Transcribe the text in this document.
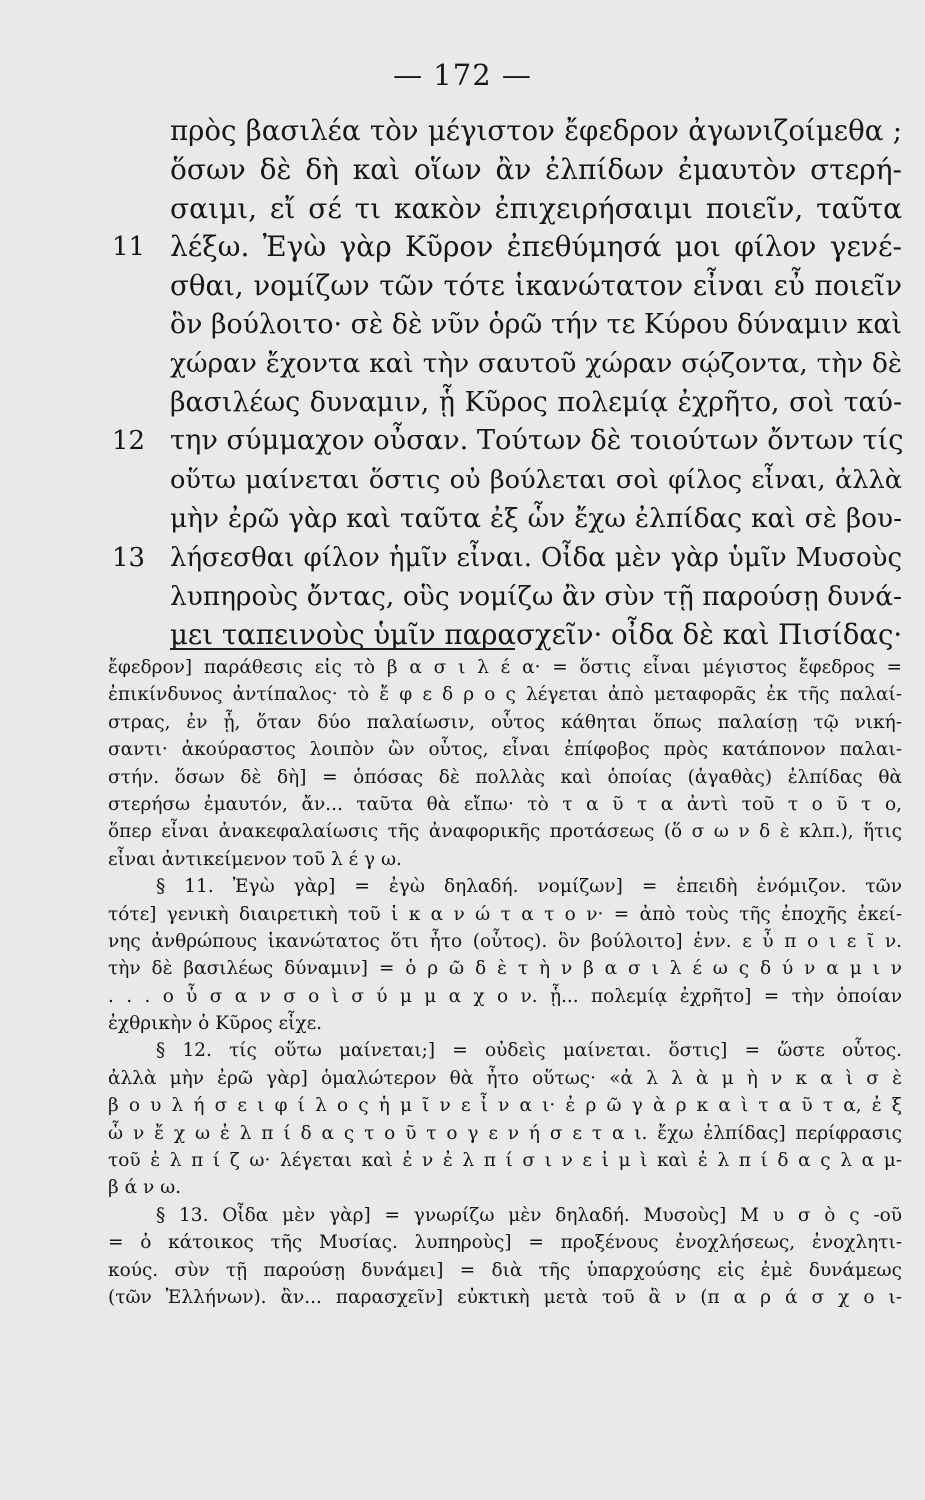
— 172 —
πρὸς βασιλέα τὸν μέγιστον ἔφεδρον ἀγωνιζοίμεθα ;
ὅσων δὲ δὴ καὶ οἵων ἂν ἐλπίδων ἐμαυτὸν στερή-
σαιμι, εἴ σέ τι κακὸν ἐπιχειρήσαιμι ποιεῖν, ταῦτα
11 λέξω. Ἐγὼ γὰρ Κῦρον ἐπεθύμησά μοι φίλον γενέ-
σθαι, νομίζων τῶν τότε ἱκανώτατον εἶναι εὖ ποιεῖν
ὃν βούλοιτο· σὲ δὲ νῦν ὁρῶ τήν τε Κύρου δύναμιν καὶ
χώραν ἔχοντα καὶ τὴν σαυτοῦ χώραν σῴζοντα, τὴν δὲ
βασιλέως δυναμιν, ᾗ Κῦρος πολεμίᾳ ἐχρῆτο, σοὶ ταύ-
12 την σύμμαχον οὖσαν. Τούτων δὲ τοιούτων ὄντων τίς
οὕτω μαίνεται ὅστις οὐ βούλεται σοὶ φίλος εἶναι, ἀλλὰ
μὴν ἐρῶ γὰρ καὶ ταῦτα ἐξ ὧν ἔχω ἐλπίδας καὶ σὲ βου-
13 λήσεσθαι φίλον ἡμῖν εἶναι. Οἶδα μὲν γὰρ ὑμῖν Μυσοὺς
λυπηροὺς ὄντας, οὓς νομίζω ἂν σὺν τῇ παρούσῃ δυνά-
μει ταπεινοὺς ὑμῖν παρασχεῖν· οἶδα δὲ καὶ Πισίδας·
ἔφεδρον] παράθεσις εἰς τὸ β α σ ι λ έ α· = ὅστις εἶναι μέγιστος ἔφεδρος =
ἐπικίνδυνος ἀντίπαλος· τὸ ἔ φ ε δ ρ ο ς λέγεται ἀπὸ μεταφορᾶς ἐκ τῆς παλαί-
στρας, ἐν ᾗ, ὅταν δύο παλαίωσιν, οὗτος κάθηται ὅπως παλαίσῃ τῷ νική-
σαντι· ἀκούραστος λοιπὸν ὢν οὗτος, εἶναι ἐπίφοβος πρὸς κατάπονον παλαι-
στήν. ὅσων δὲ δὴ] = ὁπόσας δὲ πολλὰς καὶ ὁποίας (ἀγαθὰς) ἐλπίδας θὰ
στερήσω ἐμαυτόν, ἄν... ταῦτα θὰ εἴπω· τὸ τ α ῦ τ α ἀντὶ τοῦ τ ο ῦ τ ο,
ὅπερ εἶναι ἀνακεφαλαίωσις τῆς ἀναφορικῆς προτάσεως (ὅ σ ω ν δ ὲ κλπ.), ἥτις
εἶναι ἀντικείμενον τοῦ λ έ γ ω.
§ 11. Ἐγὼ γὰρ] = ἐγὼ δηλαδή. νομίζων] = ἐπειδὴ ἐνόμιζον. τῶν
τότε] γενικὴ διαιρετικὴ τοῦ ἱ κ α ν ώ τ α τ ο ν· = ἀπὸ τοὺς τῆς ἐποχῆς ἐκεί-
νης ἀνθρώπους ἱκανώτατος ὅτι ἦτο (οὗτος). ὃν βούλοιτο] ἐνν. ε ὖ π ο ι ε ῖ ν.
τὴν δὲ βασιλέως δύναμιν] = ὁ ρ ῶ δ ὲ τ ὴ ν β α σ ι λ έ ω ς δ ύ ν α μ ι ν
. . . ο ὖ σ α ν σ ο ὶ σ ύ μ μ α χ ο ν. ᾗ... πολεμίᾳ ἐχρῆτο] = τὴν ὁποίαν
ἐχθρικὴν ὁ Κῦρος εἶχε.
§ 12. τίς οὕτω μαίνεται;] = οὐδεὶς μαίνεται. ὅστις] = ὥστε οὗτος.
ἀλλὰ μὴν ἐρῶ γὰρ] ὁμαλώτερον θὰ ἦτο οὕτως· «ἀ λ λ ὰ μ ὴ ν κ α ὶ σ ὲ
β ο υ λ ή σ ε ι φ ί λ ο ς ἡ μ ῖ ν ε ἶ ν α ι· ἐ ρ ῶ γ ὰ ρ κ α ὶ τ α ῦ τ α, ἐ ξ
ὧ ν ἔ χ ω ἐ λ π ί δ α ς τ ο ῦ τ ο γ ε ν ή σ ε τ α ι. ἔχω ἐλπίδας] περίφρασις
τοῦ ἐ λ π ί ζ ω· λέγεται καὶ ἐ ν ἐ λ π ί σ ι ν ε ἰ μ ὶ καὶ ἐ λ π ί δ α ς λ α μ-
β ά ν ω.
§ 13. Οἶδα μὲν γὰρ] = γνωρίζω μὲν δηλαδή. Μυσοὺς] Μ υ σ ὸ ς -οῦ
= ὁ κάτοικος τῆς Μυσίας. λυπηροὺς] = προξένους ἐνοχλήσεως, ἐνοχλητι-
κούς. σὺν τῇ παρούσῃ δυνάμει] = διὰ τῆς ὑπαρχούσης εἰς ἐμὲ δυνάμεως
(τῶν Ἑλλήνων). ἂν... παρασχεῖν] εὐκτικὴ μετὰ τοῦ ἂ ν (π α ρ ά σ χ ο ι-
